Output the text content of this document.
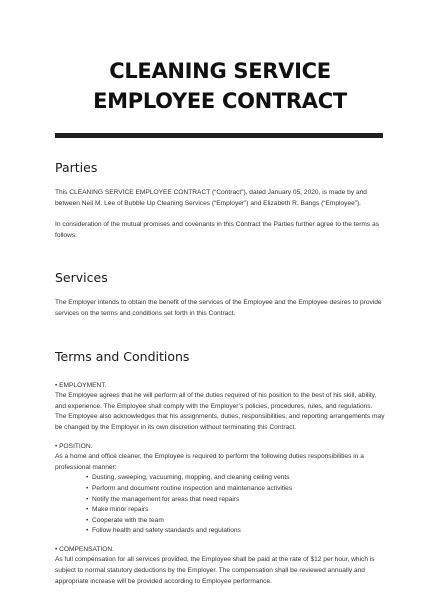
CLEANING SERVICE
EMPLOYEE CONTRACT
Parties
This CLEANING SERVICE EMPLOYEE CONTRACT (“Contract”), dated January 05, 2020, is made by and between Neil M. Lee of Bubble Up Cleaning Services (“Employer”) and Elizabeth R. Bangs (“Employee”).
In consideration of the mutual promises and covenants in this Contract the Parties further agree to the terms as follows:
Services
The Employer intends to obtain the benefit of the services of the Employee and the Employee desires to provide services on the terms and conditions set forth in this Contract.
Terms and Conditions
• EMPLOYMENT.
The Employee agrees that he will perform all of the duties required of his position to the best of his skill, ability, and experience. The Employee shall comply with the Employer’s policies, procedures, rules, and regulations. The Employee also acknowledges that his assignments, duties, responsibilities, and reporting arrangements may be changed by the Employer in its own discretion without terminating this Contract.
• POSITION.
As a home and office cleaner, the Employee is required to perform the following duties responsibilities in a professional manner:
• Dusting, sweeping, vacuuming, mopping, and cleaning ceiling vents
• Perform and document routine inspection and maintenance activities
• Notify the management for areas that need repairs
• Make minor repairs
• Cooperate with the team
• Follow health and safety standards and regulations
• COMPENSATION.
As full compensation for all services provided, the Employee shall be paid at the rate of $12 per hour, which is subject to normal statutory deductions by the Employer. The compensation shall be reviewed annually and appropriate increase will be provided according to Employee performance.
